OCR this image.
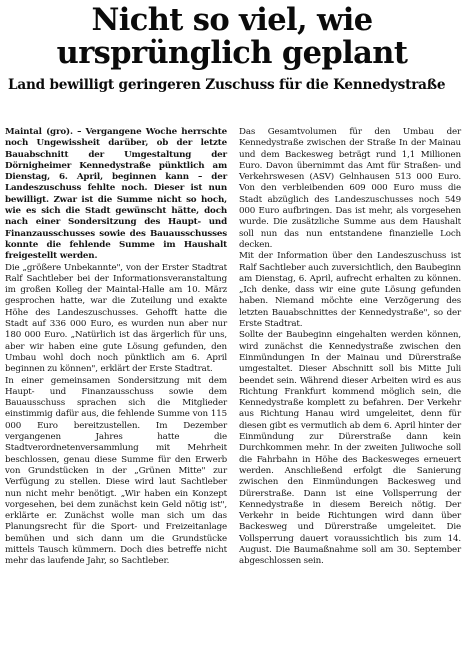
Nicht so viel, wie
ursprünglich geplant
Land bewilligt geringeren Zuschuss für die Kennedystraße

Maintal (gro). – Vergangene Woche herrschte noch Ungewissheit darüber, ob der letzte Bauabschnitt der Umgestaltung der Dörnigheimer Kennedystraße pünktlich am Dienstag, 6. April, beginnen kann – der Landeszuschuss fehlte noch. Dieser ist nun bewilligt. Zwar ist die Summe nicht so hoch, wie es sich die Stadt gewünscht hätte, doch nach einer Sondersitzung des Haupt- und Finanzausschusses sowie des Bauausschusses konnte die fehlende Summe im Haushalt freigestellt werden.

Die „größere Unbekannte", von der Erster Stadtrat Ralf Sachtleber bei der Informationsveranstaltung im großen Kolleg der Maintal-Halle am 10. März gesprochen hatte, war die Zuteilung und exakte Höhe des Landeszuschusses. Gehofft hatte die Stadt auf 336 000 Euro, es wurden nun aber nur 180 000 Euro. „Natürlich ist das ärgerlich für uns, aber wir haben eine gute Lösung gefunden, den Umbau wohl doch noch pünktlich am 6. April beginnen zu können", erklärt der Erste Stadtrat.

In einer gemeinsamen Sondersitzung mit dem Haupt- und Finanzausschuss sowie dem Bauausschuss sprachen sich die Mitglieder einstimmig dafür aus, die fehlende Summe von 115 000 Euro bereitzustellen. Im Dezember vergangenen Jahres hatte die Stadtverordnetenversammlung mit Mehrheit beschlossen, genau diese Summe für den Erwerb von Grundstücken in der „Grünen Mitte" zur Verfügung zu stellen. Diese wird laut Sachtleber nun nicht mehr benötigt. „Wir haben ein Konzept vorgesehen, bei dem zunächst kein Geld nötig ist", erklärte er. Zunächst wolle man sich um das Planungsrecht für die Sport- und Freizeitanlage bemühen und sich dann um die Grundstücke mittels Tausch kümmern. Doch dies betreffe nicht mehr das laufende Jahr, so Sachtleber.

Das Gesamtvolumen für den Umbau der Kennedystraße zwischen der Straße In der Mainau und dem Backesweg beträgt rund 1,1 Millionen Euro. Davon übernimmt das Amt für Straßen- und Verkehrswesen (ASV) Gelnhausen 513 000 Euro. Von den verbleibenden 609 000 Euro muss die Stadt abzüglich des Landeszuschusses noch 549 000 Euro aufbringen. Das ist mehr, als vorgesehen wurde. Die zusätzliche Summe aus dem Haushalt soll nun das nun entstandene finanzielle Loch decken.

Mit der Information über den Landeszuschuss ist Ralf Sachtleber auch zuversichtlich, den Baubeginn am Dienstag, 6. April, aufrecht erhalten zu können. „Ich denke, dass wir eine gute Lösung gefunden haben. Niemand möchte eine Verzögerung des letzten Bauabschnittes der Kennedystraße", so der Erste Stadtrat.

Sollte der Baubeginn eingehalten werden können, wird zunächst die Kennedystraße zwischen den Einmündungen In der Mainau und Dürerstraße umgestaltet. Dieser Abschnitt soll bis Mitte Juli beendet sein. Während dieser Arbeiten wird es aus Richtung Frankfurt kommend möglich sein, die Kennedystraße komplett zu befahren. Der Verkehr aus Richtung Hanau wird umgeleitet, denn für diesen gibt es vermutlich ab dem 6. April hinter der Einmündung zur Dürerstraße dann kein Durchkommen mehr. In der zweiten Juliwoche soll die Fahrbahn in Höhe des Backesweges erneuert werden. Anschließend erfolgt die Sanierung zwischen den Einmündungen Backesweg und Dürerstraße. Dann ist eine Vollsperrung der Kennedystraße in diesem Bereich nötig. Der Verkehr in beide Richtungen wird dann über Backesweg und Dürerstraße umgeleitet. Die Vollsperrung dauert voraussichtlich bis zum 14. August. Die Baumaßnahme soll am 30. September abgeschlossen sein.
